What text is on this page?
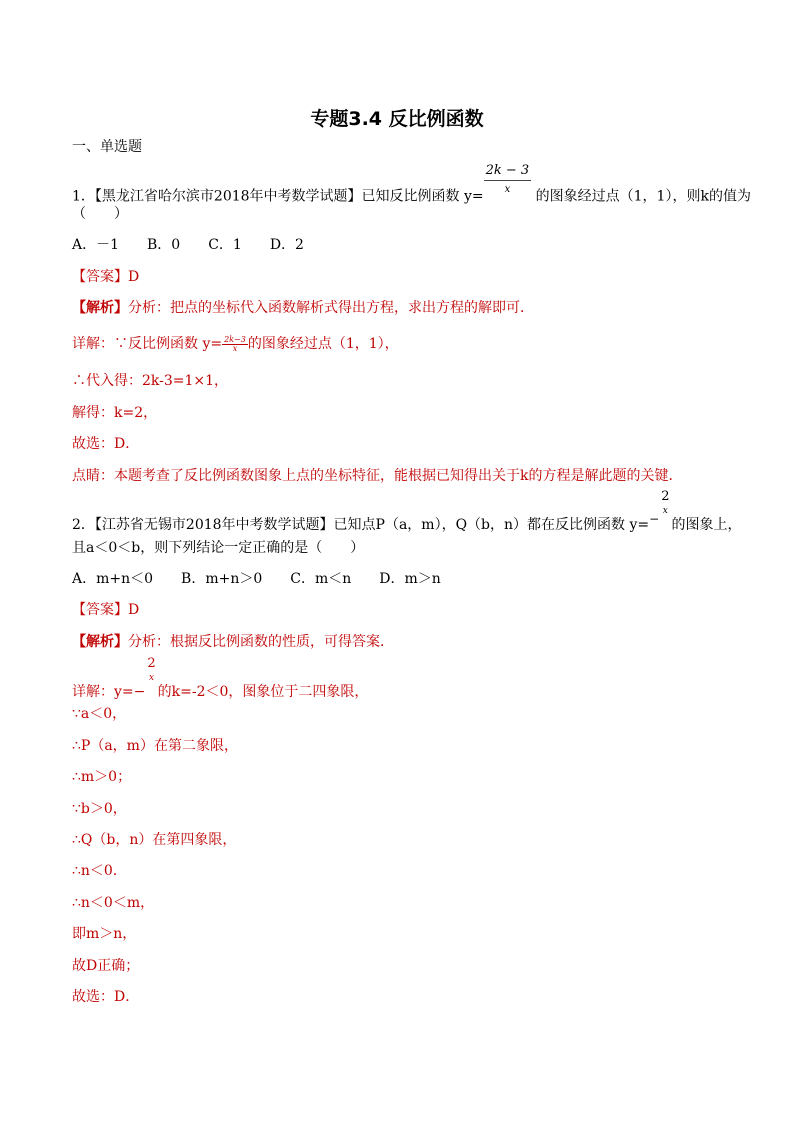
专题3.4 反比例函数
一、单选题
1．【黑龙江省哈尔滨市2018年中考数学试题】已知反比例函数 $y= \frac{2k - 3}{x}$ 的图象经过点（1，1），则k的值为
（　　）
A．－1　　B．0　　C．1　　D．2
【答案】D
【解析】分析：把点的坐标代入函数解析式得出方程，求出方程的解即可．
详解：∵反比例函数 $y= \frac{2k-3}{x}$ 的图象经过点（1，1），
∴代入得：2k-3=1×1，
解得：k=2，
故选：D．
点睛：本题考查了反比例函数图象上点的坐标特征，能根据已知得出关于k的方程是解此题的关键．
2．【江苏省无锡市2018年中考数学试题】已知点P（a，m），Q（b，n）都在反比例函数 y=−
2
x
的图象上，
且a＜0＜b，则下列结论一定正确的是（　　）
A．m+n＜0　　B．m+n＞0　　C．m＜n　　D．m＞n
【答案】D
【解析】分析：根据反比例函数的性质，可得答案．
详解：y=−
2
x
的k=-2＜0，图象位于二四象限，
∵a＜0，
∴P（a，m）在第二象限，
∴m＞0；
∵b＞0，
∴Q（b，n）在第四象限，
∴n＜0．
∴n＜0＜m，
即m＞n，
故D正确；
故选：D．
